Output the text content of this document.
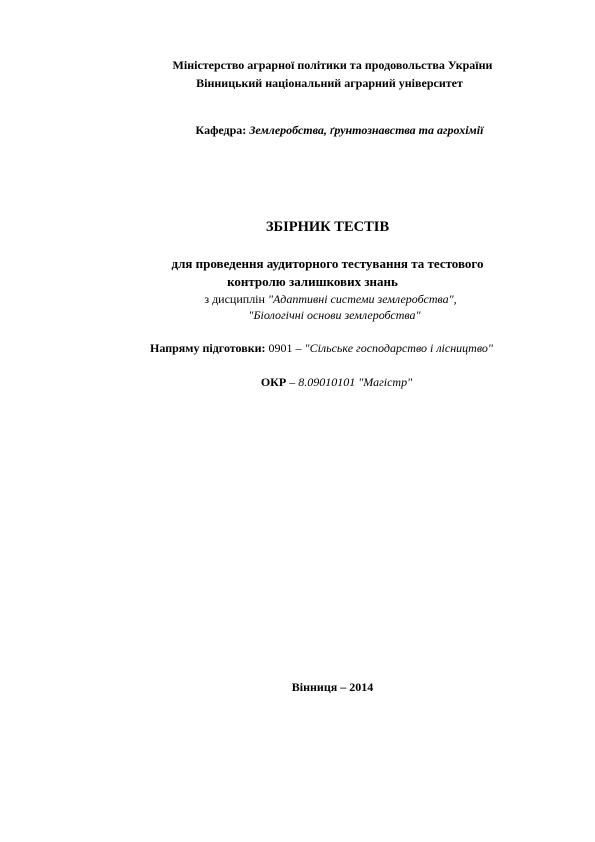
Міністерство аграрної політики та продовольства України
Вінницький національний аграрний університет
Кафедра: Землеробства, ґрунтознавства та агрохімії
ЗБІРНИК ТЕСТІВ
для проведення аудиторного тестування та тестового
контролю залишкових знань
з дисциплін "Адаптивні системи землеробства",
"Біологічні основи землеробства"
Напряму підготовки: 0901 – "Сільське господарство і лісництво"
ОКР – 8.09010101 "Магістр"
Вінниця – 2014
